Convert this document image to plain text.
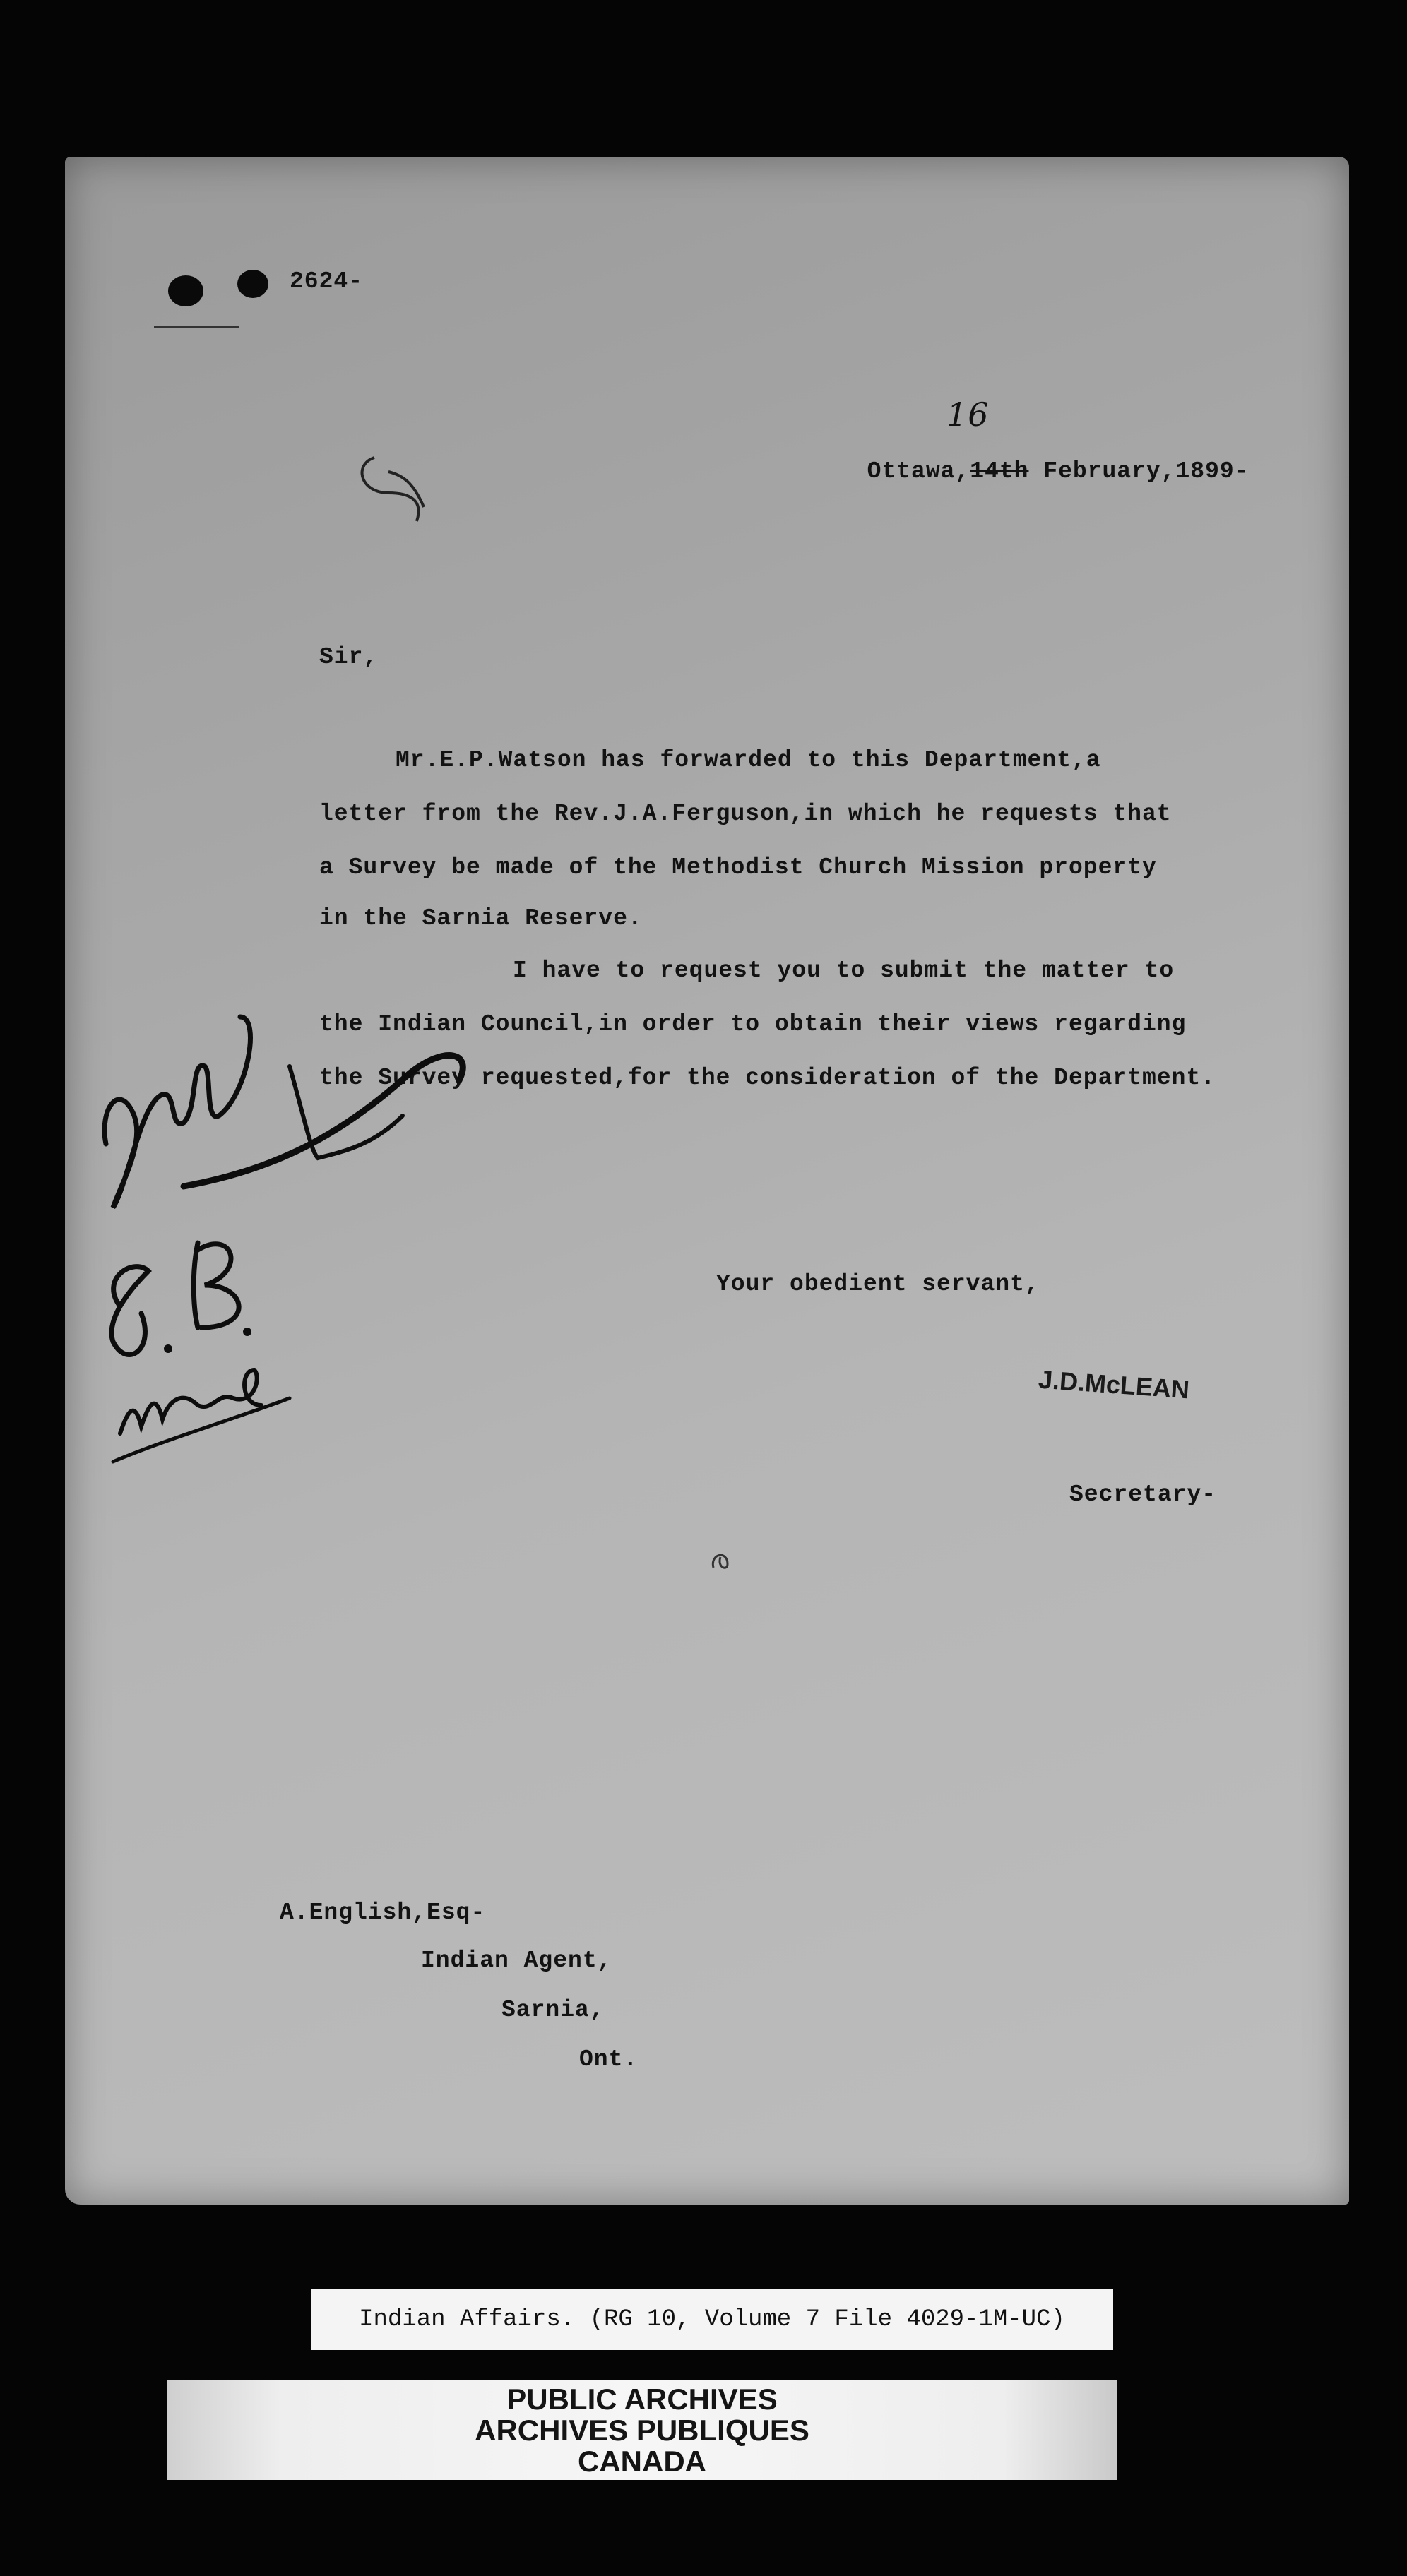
2624-
16

Ottawa,14th February,1899-

Sir,
Mr.E.P.Watson has forwarded to this Department,a
letter from the Rev.J.A.Ferguson,in which he requests that
a Survey be made of the Methodist Church Mission property
in the Sarnia Reserve.
I have to request you to submit the matter to
the Indian Council,in order to obtain their views regarding
the Survey requested,for the consideration of the Department.
Your obedient servant,
J.D.McLEAN
Secretary-
A.English,Esq-
Indian Agent,
Sarnia,
Ont.
Indian Affairs. (RG 10, Volume 7 File 4029-1M-UC)
PUBLIC ARCHIVES
ARCHIVES PUBLIQUES
CANADA
